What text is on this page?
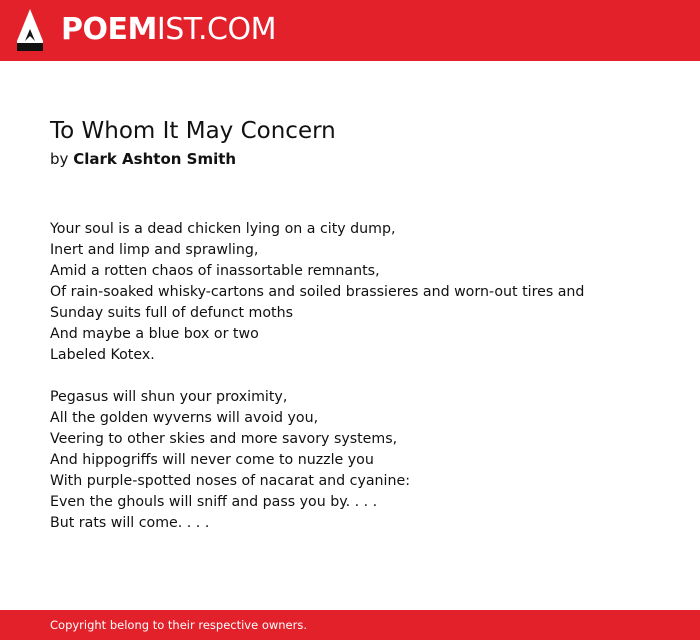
POEMIST.COM
To Whom It May Concern
by Clark Ashton Smith
Your soul is a dead chicken lying on a city dump,
Inert and limp and sprawling,
Amid a rotten chaos of inassortable remnants,
Of rain-soaked whisky-cartons and soiled brassieres and worn-out tires and
Sunday suits full of defunct moths
And maybe a blue box or two
Labeled Kotex.
Pegasus will shun your proximity,
All the golden wyverns will avoid you,
Veering to other skies and more savory systems,
And hippogriffs will never come to nuzzle you
With purple-spotted noses of nacarat and cyanine:
Even the ghouls will sniff and pass you by. . . .
But rats will come. . . .
Copyright belong to their respective owners.
